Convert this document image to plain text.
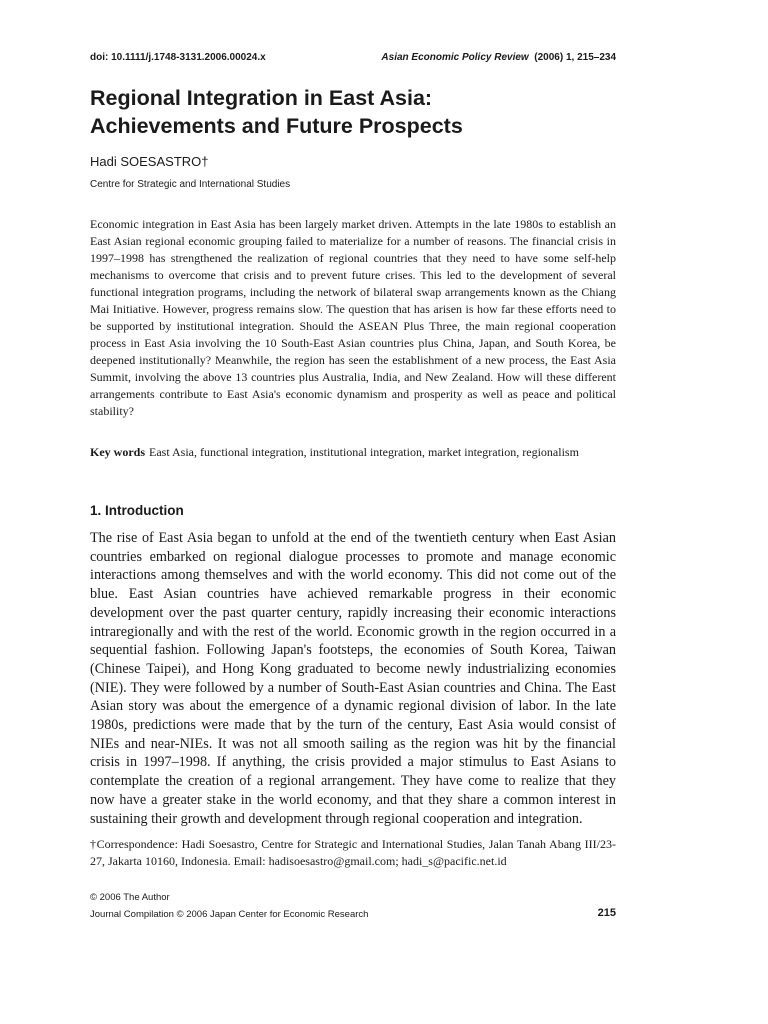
doi: 10.1111/j.1748-3131.2006.00024.x	Asian Economic Policy Review (2006) 1, 215–234
Regional Integration in East Asia:
Achievements and Future Prospects

Hadi SOESASTRO†

Centre for Strategic and International Studies

Economic integration in East Asia has been largely market driven. Attempts in the late 1980s to establish an East Asian regional economic grouping failed to materialize for a number of reasons. The financial crisis in 1997–1998 has strengthened the realization of regional countries that they need to have some self-help mechanisms to overcome that crisis and to prevent future crises. This led to the development of several functional integration programs, including the network of bilateral swap arrangements known as the Chiang Mai Initiative. However, progress remains slow. The question that has arisen is how far these efforts need to be supported by institutional integration. Should the ASEAN Plus Three, the main regional cooperation process in East Asia involving the 10 South-East Asian countries plus China, Japan, and South Korea, be deepened institutionally? Meanwhile, the region has seen the establishment of a new process, the East Asia Summit, involving the above 13 countries plus Australia, India, and New Zealand. How will these different arrangements contribute to East Asia's economic dynamism and prosperity as well as peace and political stability?

Key words East Asia, functional integration, institutional integration, market integration, regionalism

1. Introduction

The rise of East Asia began to unfold at the end of the twentieth century when East Asian countries embarked on regional dialogue processes to promote and manage economic interactions among themselves and with the world economy. This did not come out of the blue. East Asian countries have achieved remarkable progress in their economic development over the past quarter century, rapidly increasing their economic interactions intraregionally and with the rest of the world. Economic growth in the region occurred in a sequential fashion. Following Japan's footsteps, the economies of South Korea, Taiwan (Chinese Taipei), and Hong Kong graduated to become newly industrializing economies (NIE). They were followed by a number of South-East Asian countries and China. The East Asian story was about the emergence of a dynamic regional division of labor. In the late 1980s, predictions were made that by the turn of the century, East Asia would consist of NIEs and near-NIEs. It was not all smooth sailing as the region was hit by the financial crisis in 1997–1998. If anything, the crisis provided a major stimulus to East Asians to contemplate the creation of a regional arrangement. They have come to realize that they now have a greater stake in the world economy, and that they share a common interest in sustaining their growth and development through regional cooperation and integration.

†Correspondence: Hadi Soesastro, Centre for Strategic and International Studies, Jalan Tanah Abang III/23-27, Jakarta 10160, Indonesia. Email: hadisoesastro@gmail.com; hadi_s@pacific.net.id

© 2006 The Author
Journal Compilation © 2006 Japan Center for Economic Research	215
